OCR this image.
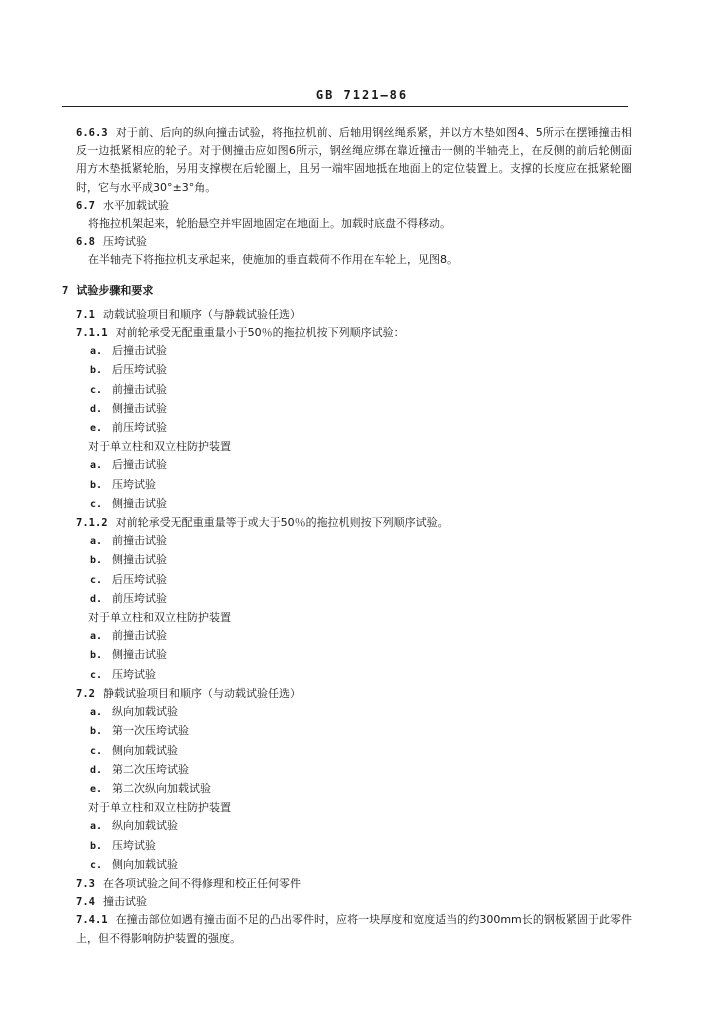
GB 7121—86
6.6.3 对于前、后向的纵向撞击试验，将拖拉机前、后轴用钢丝绳系紧，并以方木垫如图4、5所示在摆锤撞击相反一边抵紧相应的轮子。对于侧撞击应如图6所示，钢丝绳应绑在靠近撞击一侧的半轴壳上，在反侧的前后轮侧面用方木垫抵紧轮胎，另用支撑楔在后轮圈上，且另一端牢固地抵在地面上的定位装置上。支撑的长度应在抵紧轮圈时，它与水平成30°±3°角。
6.7 水平加载试验
将拖拉机架起来，轮胎悬空并牢固地固定在地面上。加载时底盘不得移动。
6.8 压垮试验
在半轴壳下将拖拉机支承起来，使施加的垂直载荷不作用在车轮上，见图8。
7 试验步骤和要求
7.1 动载试验项目和顺序（与静载试验任选）
7.1.1 对前轮承受无配重重量小于50％的拖拉机按下列顺序试验：
a. 后撞击试验
b. 后压垮试验
c. 前撞击试验
d. 侧撞击试验
e. 前压垮试验
对于单立柱和双立柱防护装置
a. 后撞击试验
b. 压垮试验
c. 侧撞击试验
7.1.2 对前轮承受无配重重量等于或大于50％的拖拉机则按下列顺序试验。
a. 前撞击试验
b. 侧撞击试验
c. 后压垮试验
d. 前压垮试验
对于单立柱和双立柱防护装置
a. 前撞击试验
b. 侧撞击试验
c. 压垮试验
7.2 静载试验项目和顺序（与动载试验任选）
a. 纵向加载试验
b. 第一次压垮试验
c. 侧向加载试验
d. 第二次压垮试验
e. 第二次纵向加载试验
对于单立柱和双立柱防护装置
a. 纵向加载试验
b. 压垮试验
c. 侧向加载试验
7.3 在各项试验之间不得修理和校正任何零件
7.4 撞击试验
7.4.1 在撞击部位如遇有撞击面不足的凸出零件时，应将一块厚度和宽度适当的约300mm长的钢板紧固于此零件上，但不得影响防护装置的强度。
